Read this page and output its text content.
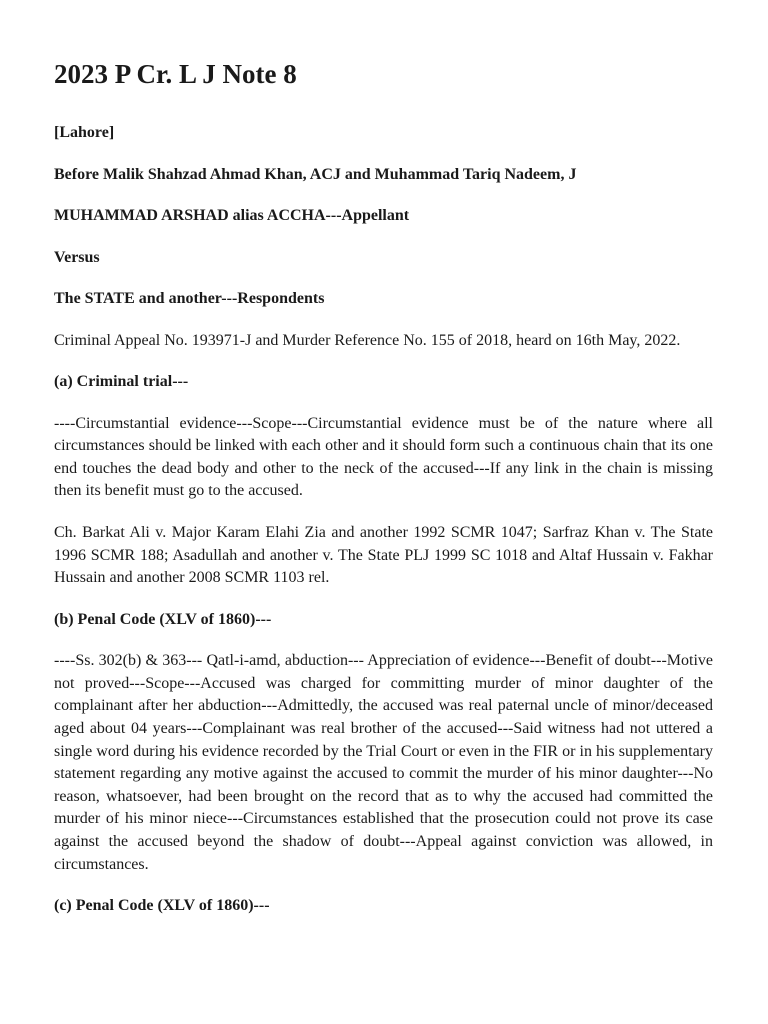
2023 P Cr. L J Note 8

[Lahore]

Before Malik Shahzad Ahmad Khan, ACJ and Muhammad Tariq Nadeem, J

MUHAMMAD ARSHAD alias ACCHA---Appellant

Versus

The STATE and another---Respondents

Criminal Appeal No. 193971-J and Murder Reference No. 155 of 2018, heard on 16th May, 2022.

(a) Criminal trial---

----Circumstantial evidence---Scope---Circumstantial evidence must be of the nature where all circumstances should be linked with each other and it should form such a continuous chain that its one end touches the dead body and other to the neck of the accused---If any link in the chain is missing then its benefit must go to the accused.

Ch. Barkat Ali v. Major Karam Elahi Zia and another 1992 SCMR 1047; Sarfraz Khan v. The State 1996 SCMR 188; Asadullah and another v. The State PLJ 1999 SC 1018 and Altaf Hussain v. Fakhar Hussain and another 2008 SCMR 1103 rel.

(b) Penal Code (XLV of 1860)---

----Ss. 302(b) & 363--- Qatl-i-amd, abduction--- Appreciation of evidence---Benefit of doubt---Motive not proved---Scope---Accused was charged for committing murder of minor daughter of the complainant after her abduction---Admittedly, the accused was real paternal uncle of minor/deceased aged about 04 years---Complainant was real brother of the accused---Said witness had not uttered a single word during his evidence recorded by the Trial Court or even in the FIR or in his supplementary statement regarding any motive against the accused to commit the murder of his minor daughter---No reason, whatsoever, had been brought on the record that as to why the accused had committed the murder of his minor niece---Circumstances established that the prosecution could not prove its case against the accused beyond the shadow of doubt---Appeal against conviction was allowed, in circumstances.

(c) Penal Code (XLV of 1860)---
